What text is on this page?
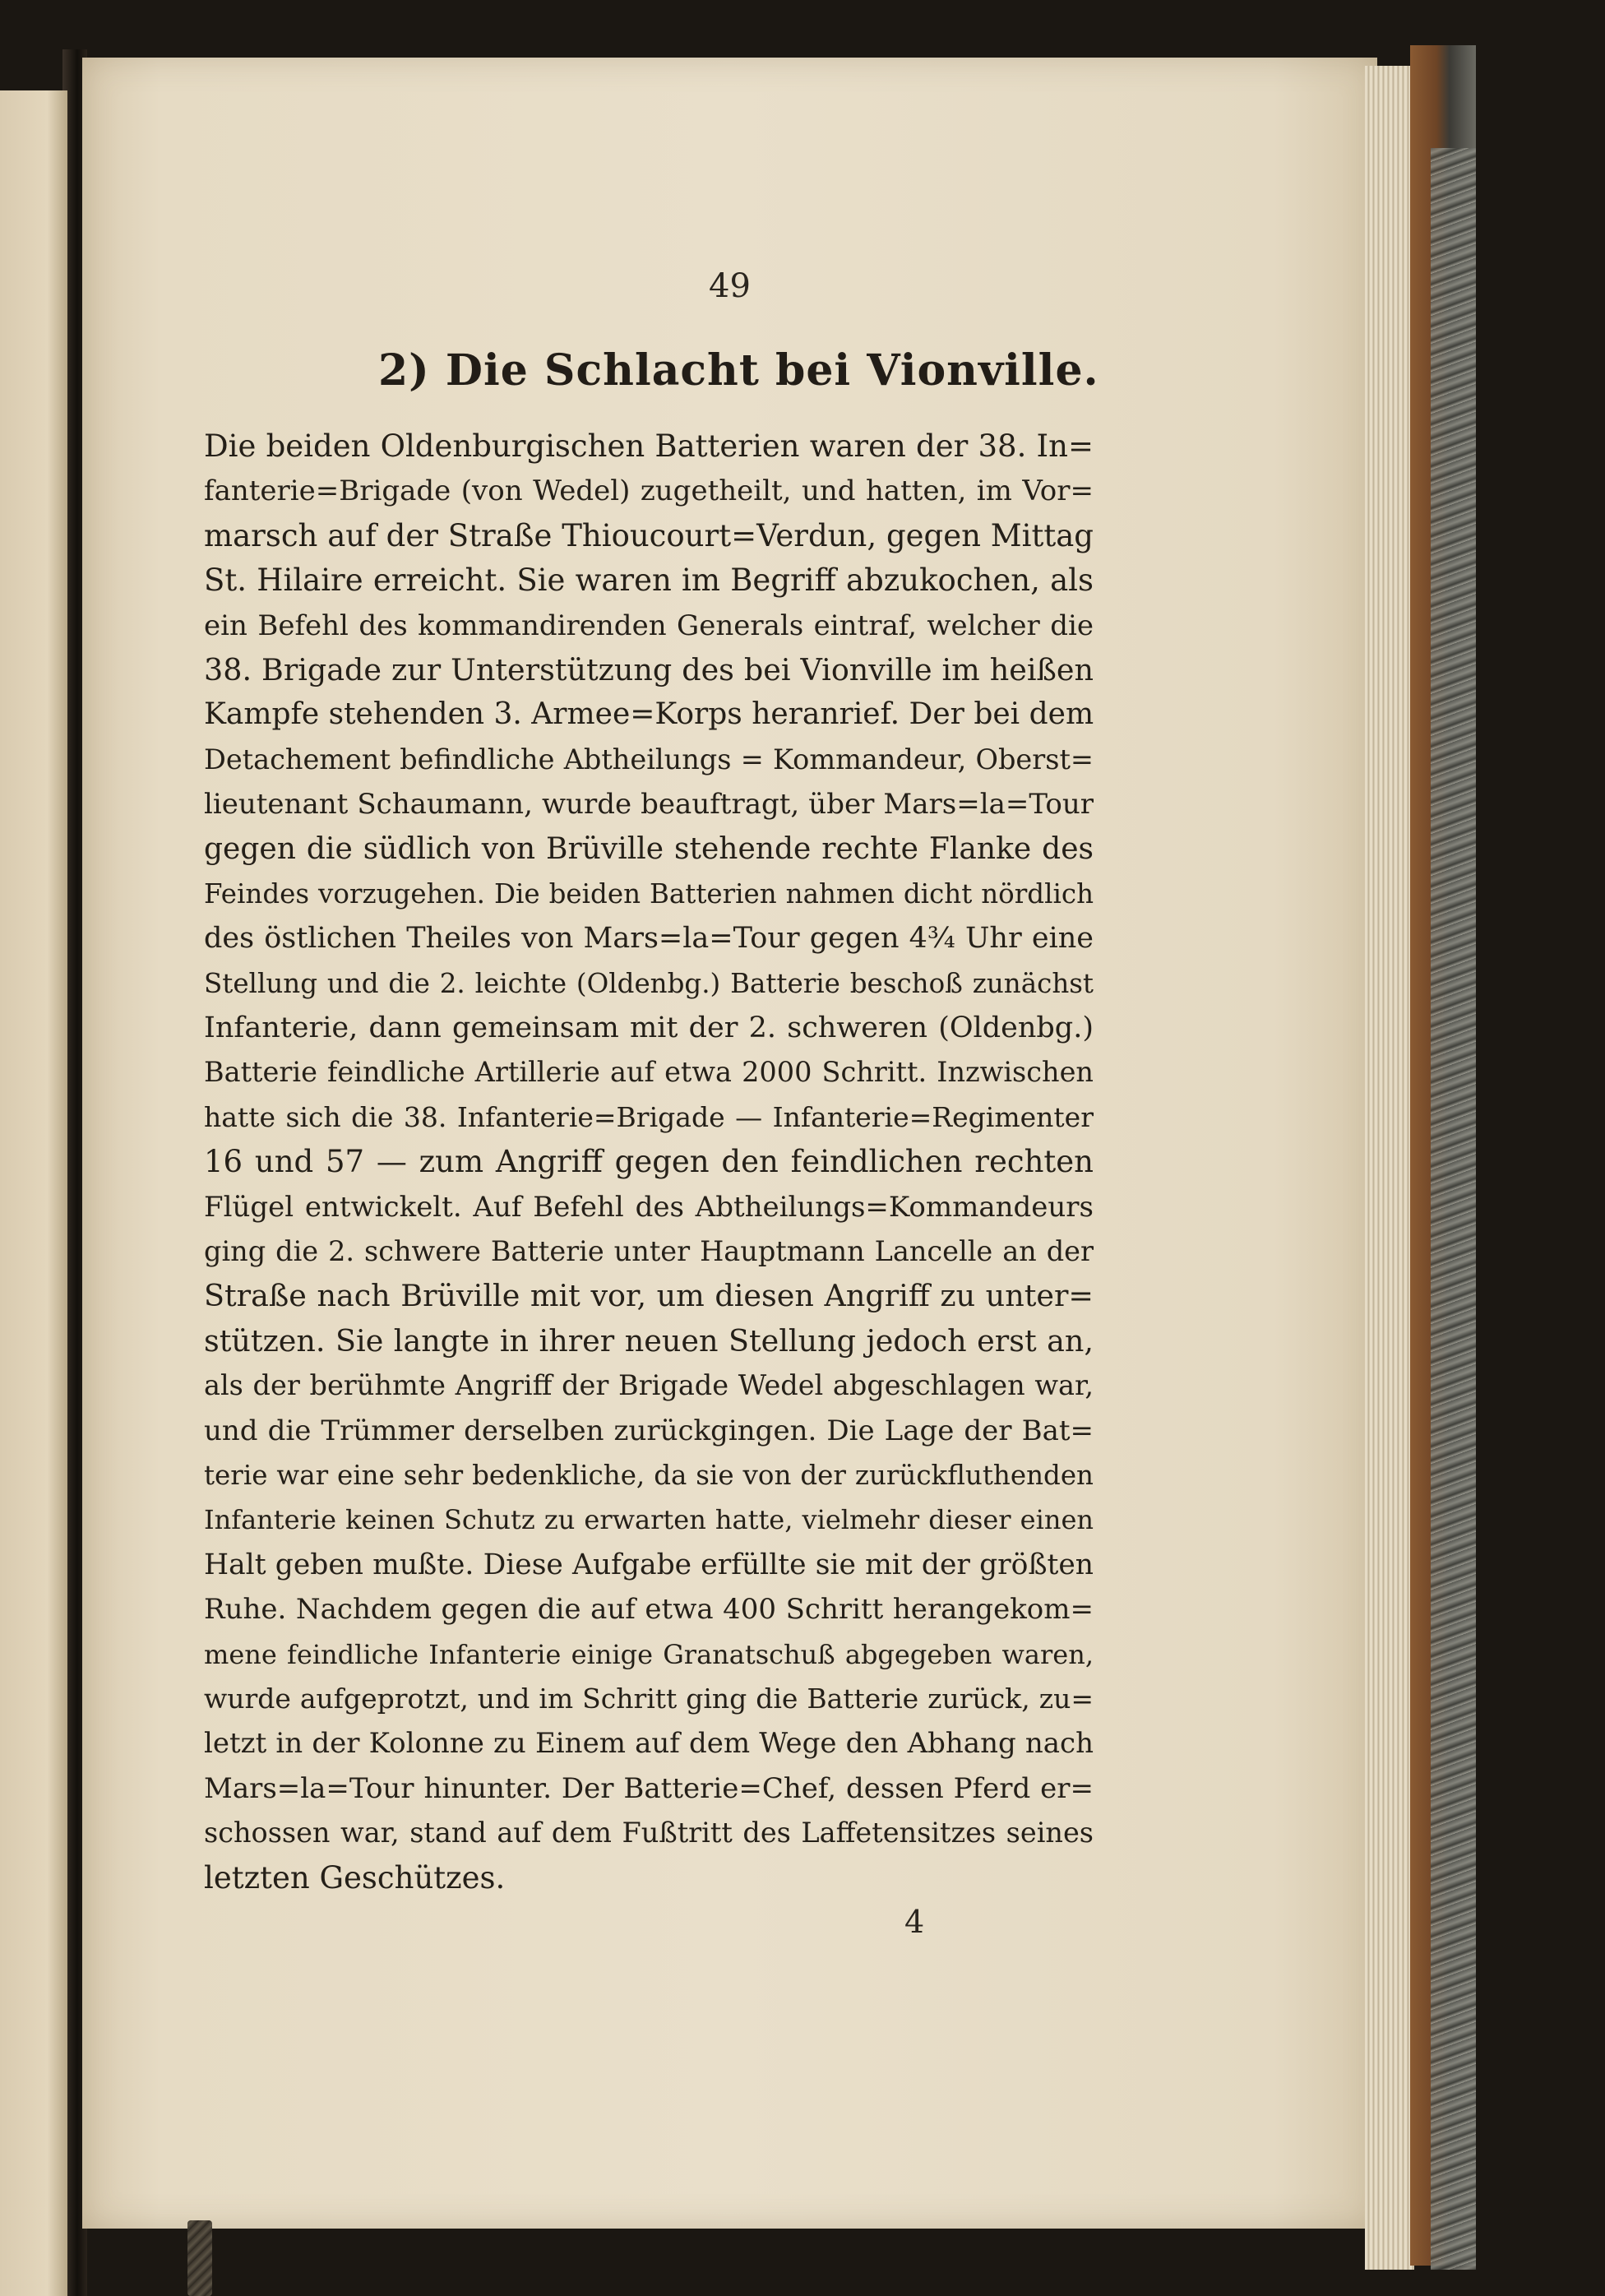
49
2) Die Schlacht bei Vionville.
Die beiden Oldenburgischen Batterien waren der 38. In=
fanterie=Brigade (von Wedel) zugetheilt, und hatten, im Vor=
marsch auf der Straße Thioucourt=Verdun, gegen Mittag
St. Hilaire erreicht. Sie waren im Begriff abzukochen, als
ein Befehl des kommandirenden Generals eintraf, welcher die
38. Brigade zur Unterstützung des bei Vionville im heißen
Kampfe stehenden 3. Armee=Korps heranrief. Der bei dem
Detachement befindliche Abtheilungs = Kommandeur, Oberst=
lieutenant Schaumann, wurde beauftragt, über Mars=la=Tour
gegen die südlich von Brüville stehende rechte Flanke des
Feindes vorzugehen. Die beiden Batterien nahmen dicht nördlich
des östlichen Theiles von Mars=la=Tour gegen 4¾ Uhr eine
Stellung und die 2. leichte (Oldenbg.) Batterie beschoß zunächst
Infanterie, dann gemeinsam mit der 2. schweren (Oldenbg.)
Batterie feindliche Artillerie auf etwa 2000 Schritt. Inzwischen
hatte sich die 38. Infanterie=Brigade — Infanterie=Regimenter
16 und 57 — zum Angriff gegen den feindlichen rechten
Flügel entwickelt. Auf Befehl des Abtheilungs=Kommandeurs
ging die 2. schwere Batterie unter Hauptmann Lancelle an der
Straße nach Brüville mit vor, um diesen Angriff zu unter=
stützen. Sie langte in ihrer neuen Stellung jedoch erst an,
als der berühmte Angriff der Brigade Wedel abgeschlagen war,
und die Trümmer derselben zurückgingen. Die Lage der Bat=
terie war eine sehr bedenkliche, da sie von der zurückfluthenden
Infanterie keinen Schutz zu erwarten hatte, vielmehr dieser einen
Halt geben mußte. Diese Aufgabe erfüllte sie mit der größten
Ruhe. Nachdem gegen die auf etwa 400 Schritt herangekom=
mene feindliche Infanterie einige Granatschuß abgegeben waren,
wurde aufgeprotzt, und im Schritt ging die Batterie zurück, zu=
letzt in der Kolonne zu Einem auf dem Wege den Abhang nach
Mars=la=Tour hinunter. Der Batterie=Chef, dessen Pferd er=
schossen war, stand auf dem Fußtritt des Laffetensitzes seines
letzten Geschützes.
4
